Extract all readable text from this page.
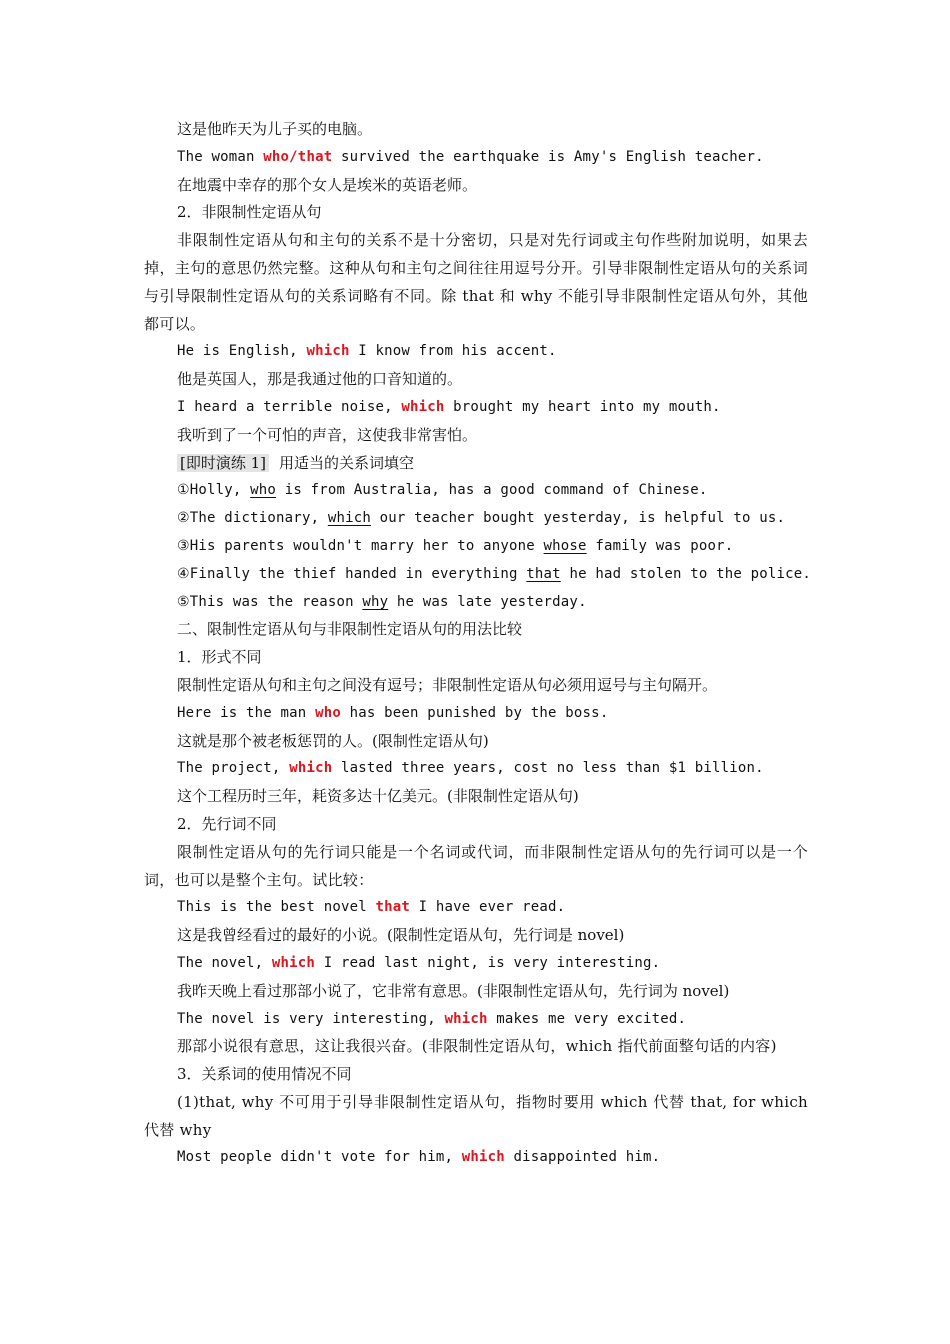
这是他昨天为儿子买的电脑。
The woman who/that survived the earthquake is Amy's English teacher.
在地震中幸存的那个女人是埃米的英语老师。
2．非限制性定语从句
非限制性定语从句和主句的关系不是十分密切，只是对先行词或主句作些附加说明，如果去掉，主句的意思仍然完整。这种从句和主句之间往往用逗号分开。引导非限制性定语从句的关系词与引导限制性定语从句的关系词略有不同。除 that 和 why 不能引导非限制性定语从句外，其他都可以。
He is English, which I know from his accent.
他是英国人，那是我通过他的口音知道的。
I heard a terrible noise, which brought my heart into my mouth.
我听到了一个可怕的声音，这使我非常害怕。
[即时演练 1] 用适当的关系词填空
①Holly, who is from Australia, has a good command of Chinese.
②The dictionary, which our teacher bought yesterday, is helpful to us.
③His parents wouldn't marry her to anyone whose family was poor.
④Finally the thief handed in everything that he had stolen to the police.
⑤This was the reason why he was late yesterday.
二、限制性定语从句与非限制性定语从句的用法比较
1．形式不同
限制性定语从句和主句之间没有逗号；非限制性定语从句必须用逗号与主句隔开。
Here is the man who has been punished by the boss.
这就是那个被老板惩罚的人。(限制性定语从句)
The project, which lasted three years, cost no less than $1 billion.
这个工程历时三年，耗资多达十亿美元。(非限制性定语从句)
2．先行词不同
限制性定语从句的先行词只能是一个名词或代词，而非限制性定语从句的先行词可以是一个词，也可以是整个主句。试比较：
This is the best novel that I have ever read.
这是我曾经看过的最好的小说。(限制性定语从句，先行词是 novel)
The novel, which I read last night, is very interesting.
我昨天晚上看过那部小说了，它非常有意思。(非限制性定语从句，先行词为 novel)
The novel is very interesting, which makes me very excited.
那部小说很有意思，这让我很兴奋。(非限制性定语从句，which 指代前面整句话的内容)
3．关系词的使用情况不同
(1)that, why 不可用于引导非限制性定语从句，指物时要用 which 代替 that, for which 代替 why
Most people didn't vote for him, which disappointed him.
